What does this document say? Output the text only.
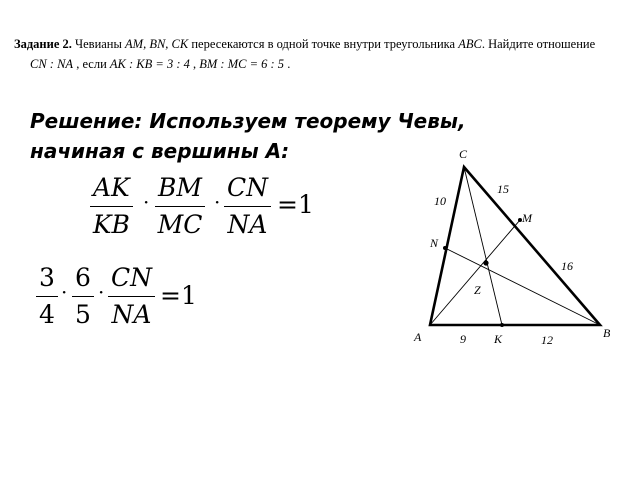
Задание 2. Чевианы AM, BN, CK пересекаются в одной точке внутри треугольника ABC. Найдите отношение
CN : NA , если AK : KB = 3 : 4 , BM : MC = 6 : 5 .
Решение: Используем теорему Чевы,
начиная с вершины А:
$\frac{AK}{KB} \cdot \frac{BM}{MC} \cdot \frac{CN}{NA} =1$
$\frac{3}{4} \cdot \frac{6}{5} \cdot \frac{CN}{NA} =1$
C
A	B
M
N
K
Z
10
15
16
9	12
